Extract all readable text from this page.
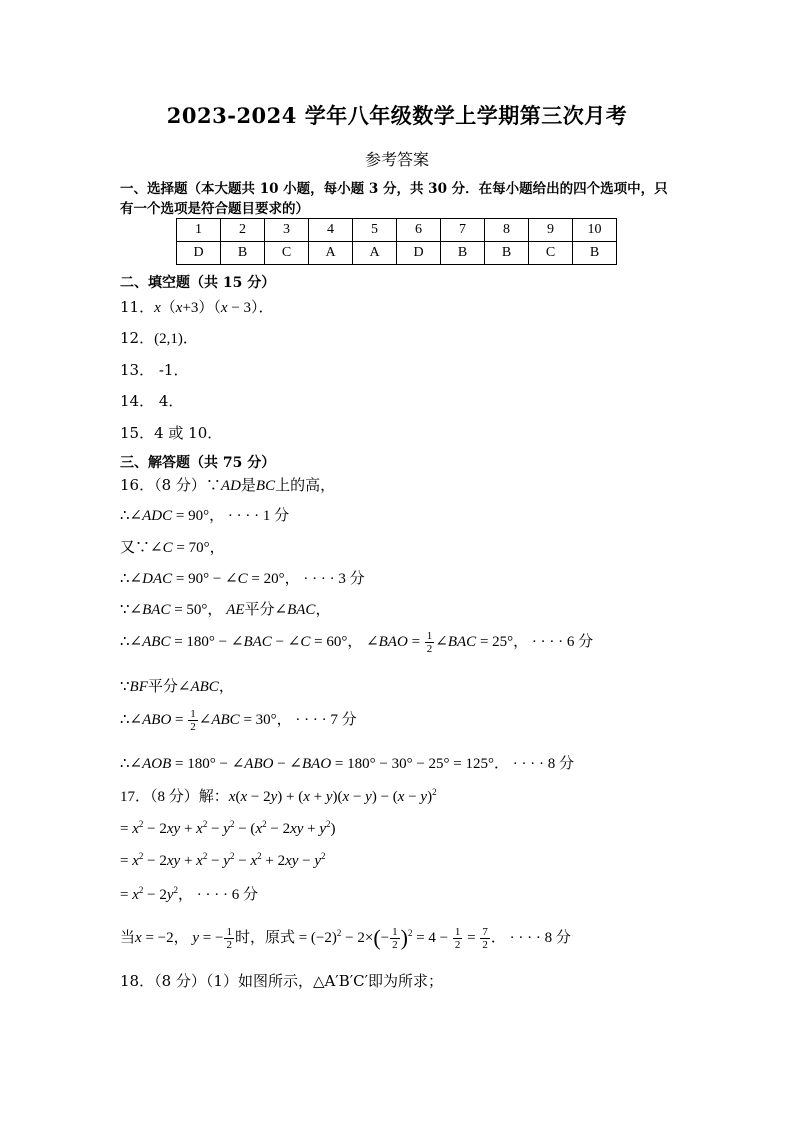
2023-2024 学年八年级数学上学期第三次月考
参考答案
一、选择题（本大题共 10 小题，每小题 3 分，共 30 分．在每小题给出的四个选项中，只有一个选项是符合题目要求的）
1	2	3	4	5	6	7	8	9	10
D	B	C	A	A	D	B	B	C	B
二、填空题（共 15 分）
11．x（x+3）（x − 3）．
12．(2,1)．
13． -1．
14． 4．
15．4 或 10．
三、解答题（共 75 分）
16．（8 分）∵AD是BC上的高，
∴∠ADC = 90°， · · · · 1 分
又∵∠C = 70°，
∴∠DAC = 90° − ∠C = 20°， · · · · 3 分
∵∠BAC = 50°， AE平分∠BAC，
∴∠ABC = 180° − ∠BAC − ∠C = 60°， ∠BAO = $\frac{1}{2}$ ∠BAC = 25°， · · · · 6 分
∵BF平分∠ABC，
∴∠ABO = $\frac{1}{2}$ ∠ABC = 30°， · · · · 7 分
∴∠AOB = 180° − ∠ABO − ∠BAO = 180° − 30° − 25° = 125°． · · · · 8 分
17．（8 分）解：$x(x - 2y) + (x + y)(x - y) - (x - y)^2$
= $x^2 - 2xy + x^2 - y^2 - (x^2 - 2xy + y^2)$
= $x^2 - 2xy + x^2 - y^2 - x^2 + 2xy - y^2$
= $x^2 - 2y^2$， · · · · 6 分
当x = −2， y = − $\frac{1}{2}$ 时，原式 = $(-2)^2 - 2\times(- \frac{1}{2} )^2 = 4 - \frac{1}{2} = \frac{7}{2}$ ． · · · · 8 分
18．（8 分）（1）如图所示，△A′B′C′即为所求；
